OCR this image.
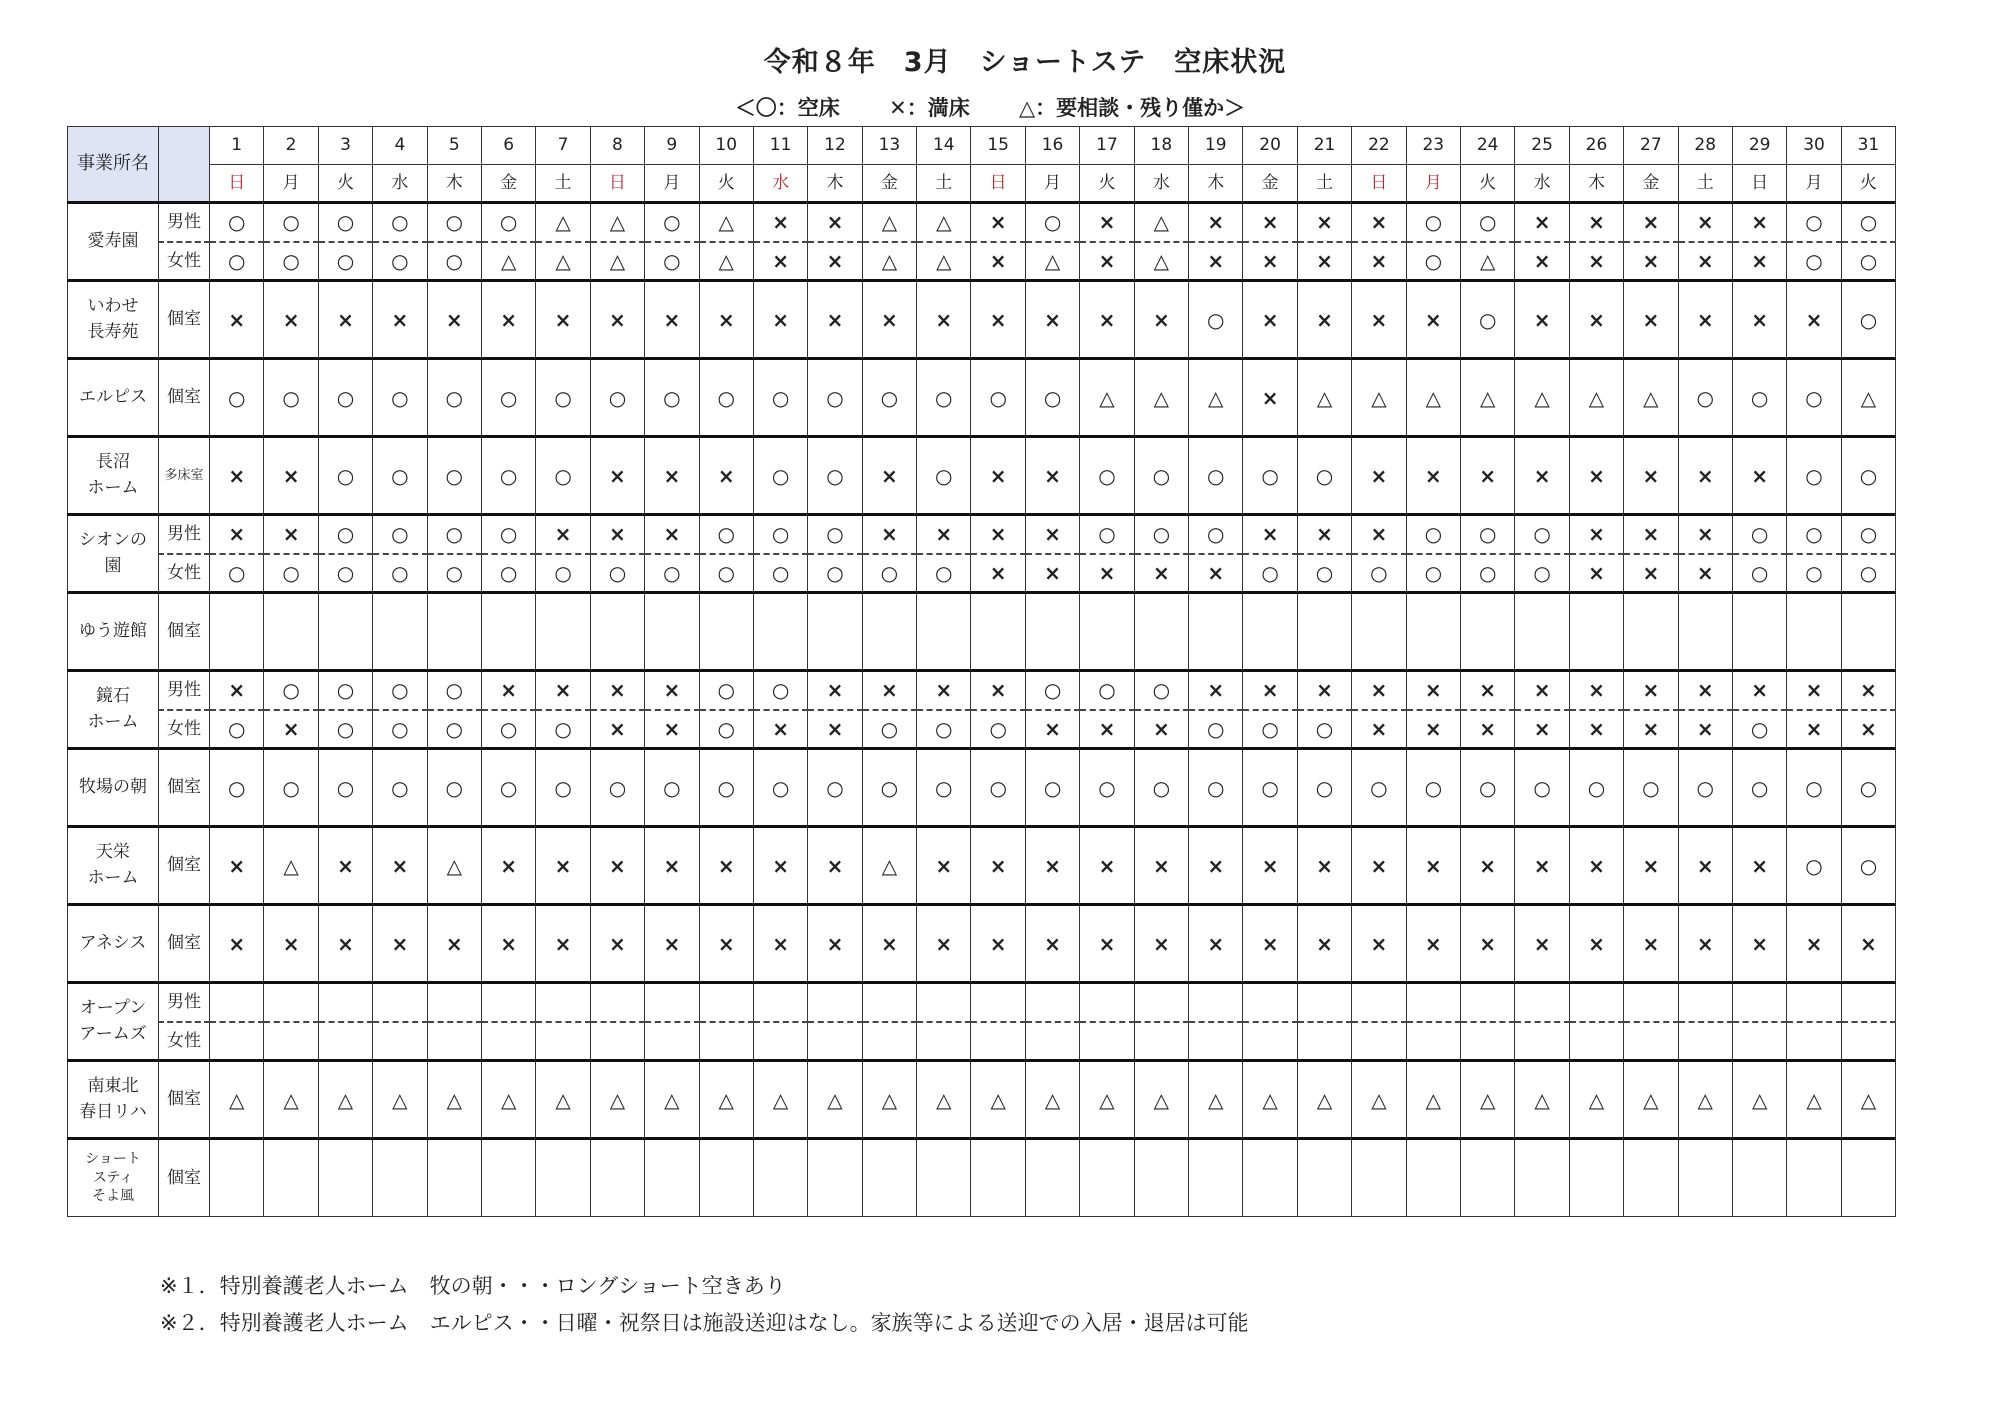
令和８年　3月　ショートステ　空床状況
＜〇：空床　 　✕：満床　 　△：要相談・残り僅か＞
事業所名		1	2	3	4	5	6	7	8	9	10	11	12	13	14	15	16	17	18	19	20	21	22	23	24	25	26	27	28	29	30	31
		日	月	火	水	木	金	土	日	月	火	水	木	金	土	日	月	火	水	木	金	土	日	月	火	水	木	金	土	日	月	火
愛寿園	男性	○	○	○	○	○	○	△	△	○	△	×	×	△	△	×	○	×	△	×	×	×	×	○	○	×	×	×	×	×	○	○
	女性	○	○	○	○	○	△	△	△	○	△	×	×	△	△	×	△	×	△	×	×	×	×	○	△	×	×	×	×	×	○	○
いわせ
長寿苑	個室	×	×	×	×	×	×	×	×	×	×	×	×	×	×	×	×	×	×	○	×	×	×	×	○	×	×	×	×	×	×	○
エルピス	個室	○	○	○	○	○	○	○	○	○	○	○	○	○	○	○	○	△	△	△	×	△	△	△	△	△	△	△	○	○	○	△
長沼
ホーム	多床室	×	×	○	○	○	○	○	×	×	×	○	○	×	○	×	×	○	○	○	○	○	×	×	×	×	×	×	×	×	○	○
シオンの
園	男性	×	×	○	○	○	○	×	×	×	○	○	○	×	×	×	×	○	○	○	×	×	×	○	○	○	×	×	×	○	○	○
	女性	○	○	○	○	○	○	○	○	○	○	○	○	○	○	×	×	×	×	×	○	○	○	○	○	○	×	×	×	○	○	○
ゆう遊館	個室																															
鏡石
ホーム	男性	×	○	○	○	○	×	×	×	×	○	○	×	×	×	×	○	○	○	×	×	×	×	×	×	×	×	×	×	×	×	×
	女性	○	×	○	○	○	○	○	×	×	○	×	×	○	○	○	×	×	×	○	○	○	×	×	×	×	×	×	×	○	×	×
牧場の朝	個室	○	○	○	○	○	○	○	○	○	○	○	○	○	○	○	○	○	○	○	○	○	○	○	○	○	○	○	○	○	○	○
天栄
ホーム	個室	×	△	×	×	△	×	×	×	×	×	×	×	△	×	×	×	×	×	×	×	×	×	×	×	×	×	×	×	×	○	○
アネシス	個室	×	×	×	×	×	×	×	×	×	×	×	×	×	×	×	×	×	×	×	×	×	×	×	×	×	×	×	×	×	×	×
オープン
アームズ	男性																															
	女性																															
南東北
春日リハ	個室	△	△	△	△	△	△	△	△	△	△	△	△	△	△	△	△	△	△	△	△	△	△	△	△	△	△	△	△	△	△	△
ショート
スティ
そよ風	個室																															
※１．特別養護老人ホーム　牧の朝・・・ロングショート空きあり
※２．特別養護老人ホーム　エルピス・・日曜・祝祭日は施設送迎はなし。家族等による送迎での入居・退居は可能
